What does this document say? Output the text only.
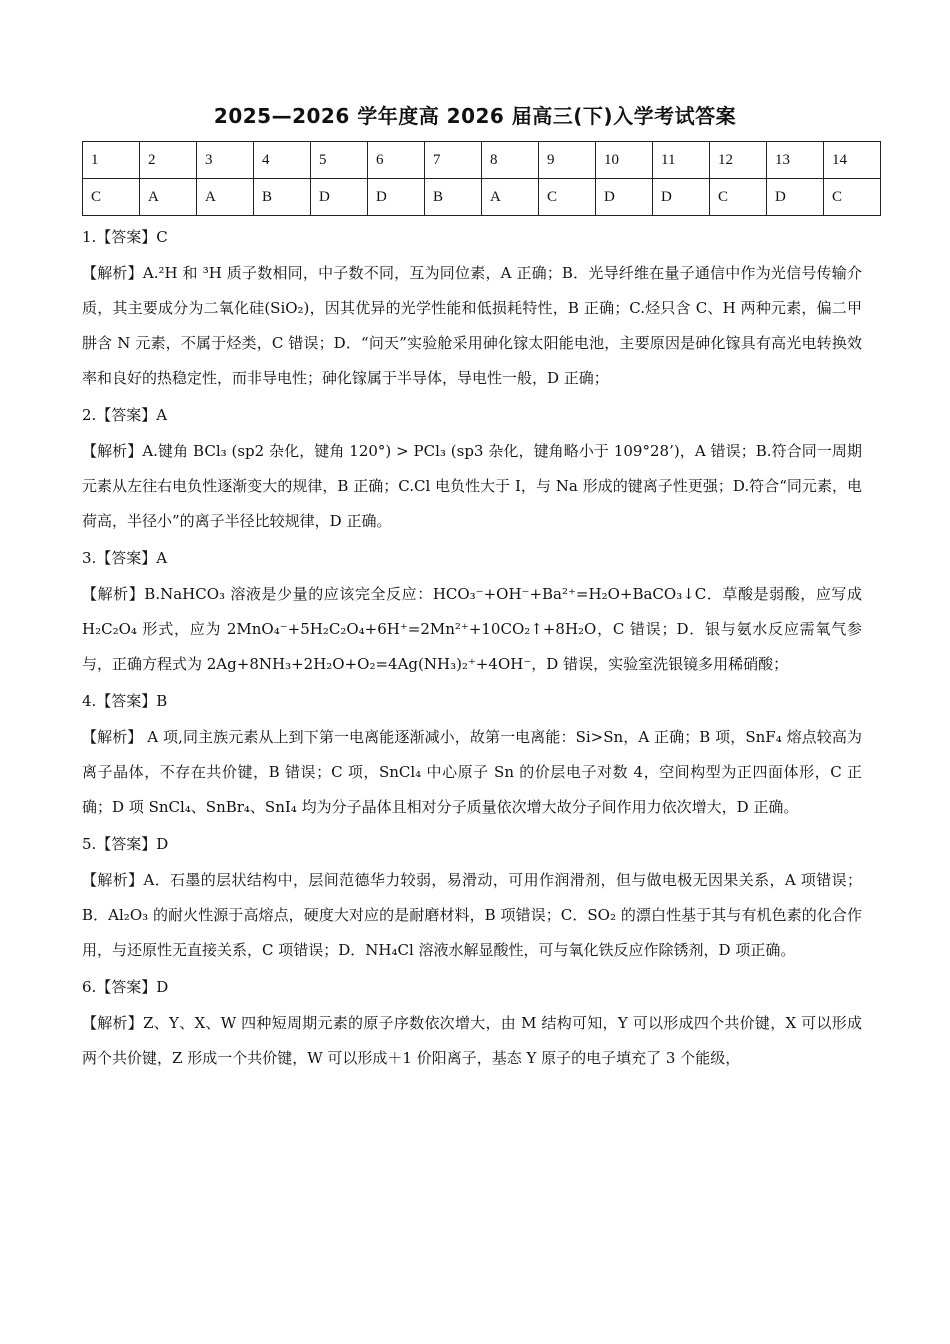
2025—2026 学年度高 2026 届高三(下)入学考试答案
1	2	3	4	5	6	7	8	9	10	11	12	13	14
C	A	A	B	D	D	B	A	C	D	D	C	D	C

1.【答案】C

【解析】A.²H 和 ³H 质子数相同，中子数不同，互为同位素，A 正确；B．光导纤维在量子通信中作为光信号传输介质，其主要成分为二氧化硅(SiO₂)，因其优异的光学性能和低损耗特性，B 正确；C.烃只含 C、H 两种元素，偏二甲肼含 N 元素，不属于烃类，C 错误；D．“问天”实验舱采用砷化镓太阳能电池，主要原因是砷化镓具有高光电转换效率和良好的热稳定性，而非导电性；砷化镓属于半导体，导电性一般，D 正确；

2.【答案】A

【解析】A.键角 BCl₃ (sp2 杂化，键角 120°) > PCl₃ (sp3 杂化，键角略小于 109°28’)，A 错误；B.符合同一周期元素从左往右电负性逐渐变大的规律，B 正确；C.Cl 电负性大于 I，与 Na 形成的键离子性更强；D.符合“同元素，电荷高，半径小”的离子半径比较规律，D 正确。

3.【答案】A

【解析】B.NaHCO₃ 溶液是少量的应该完全反应：HCO₃⁻+OH⁻+Ba²⁺=H₂O+BaCO₃↓C．草酸是弱酸，应写成 H₂C₂O₄ 形式，应为 2MnO₄⁻+5H₂C₂O₄+6H⁺=2Mn²⁺+10CO₂↑+8H₂O，C 错误；D．银与氨水反应需氧气参与，正确方程式为 2Ag+8NH₃+2H₂O+O₂=4Ag(NH₃)₂⁺+4OH⁻，D 错误，实验室洗银镜多用稀硝酸；

4.【答案】B

【解析】 A 项,同主族元素从上到下第一电离能逐渐减小，故第一电离能：Si>Sn，A 正确；B 项，SnF₄ 熔点较高为离子晶体，不存在共价键，B 错误；C 项，SnCl₄ 中心原子 Sn 的价层电子对数 4，空间构型为正四面体形，C 正确；D 项 SnCl₄、SnBr₄、SnI₄ 均为分子晶体且相对分子质量依次增大故分子间作用力依次增大，D 正确。

5.【答案】D

【解析】A．石墨的层状结构中，层间范德华力较弱，易滑动，可用作润滑剂，但与做电极无因果关系，A 项错误；B．Al₂O₃ 的耐火性源于高熔点，硬度大对应的是耐磨材料，B 项错误；C．SO₂ 的漂白性基于其与有机色素的化合作用，与还原性无直接关系，C 项错误；D．NH₄Cl 溶液水解显酸性，可与氧化铁反应作除锈剂，D 项正确。

6.【答案】D

【解析】Z、Y、X、W 四种短周期元素的原子序数依次增大，由 M 结构可知，Y 可以形成四个共价键，X 可以形成两个共价键，Z 形成一个共价键，W 可以形成＋1 价阳离子，基态 Y 原子的电子填充了 3 个能级，
